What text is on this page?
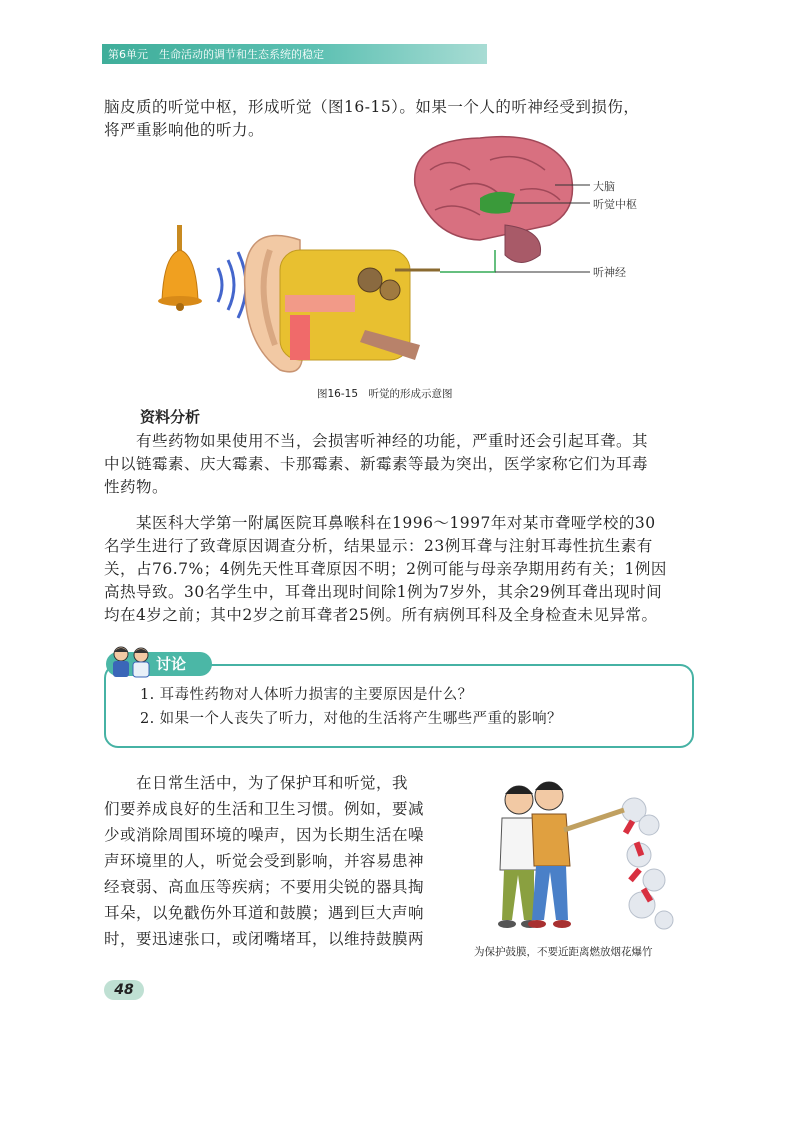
第6单元　生命活动的调节和生态系统的稳定

脑皮质的听觉中枢，形成听觉（图16-15）。如果一个人的听神经受到损伤，

将严重影响他的听力。

大脑
听觉中枢
听神经
图16-15　听觉的形成示意图
资料分析

有些药物如果使用不当，会损害听神经的功能，严重时还会引起耳聋。其

中以链霉素、庆大霉素、卡那霉素、新霉素等最为突出，医学家称它们为耳毒

性药物。

某医科大学第一附属医院耳鼻喉科在1996～1997年对某市聋哑学校的30

名学生进行了致聋原因调查分析，结果显示：23例耳聋与注射耳毒性抗生素有

关，占76.7%；4例先天性耳聋原因不明；2例可能与母亲孕期用药有关；1例因

高热导致。30名学生中，耳聋出现时间除1例为7岁外，其余29例耳聋出现时间

均在4岁之前；其中2岁之前耳聋者25例。所有病例耳科及全身检查未见异常。

讨论
1. 耳毒性药物对人体听力损害的主要原因是什么？
2. 如果一个人丧失了听力，对他的生活将产生哪些严重的影响？

在日常生活中，为了保护耳和听觉，我

们要养成良好的生活和卫生习惯。例如，要减

少或消除周围环境的噪声，因为长期生活在噪

声环境里的人，听觉会受到影响，并容易患神

经衰弱、高血压等疾病；不要用尖锐的器具掏

耳朵，以免戳伤外耳道和鼓膜；遇到巨大声响

时，要迅速张口，或闭嘴堵耳，以维持鼓膜两

为保护鼓膜，不要近距离燃放烟花爆竹
48
